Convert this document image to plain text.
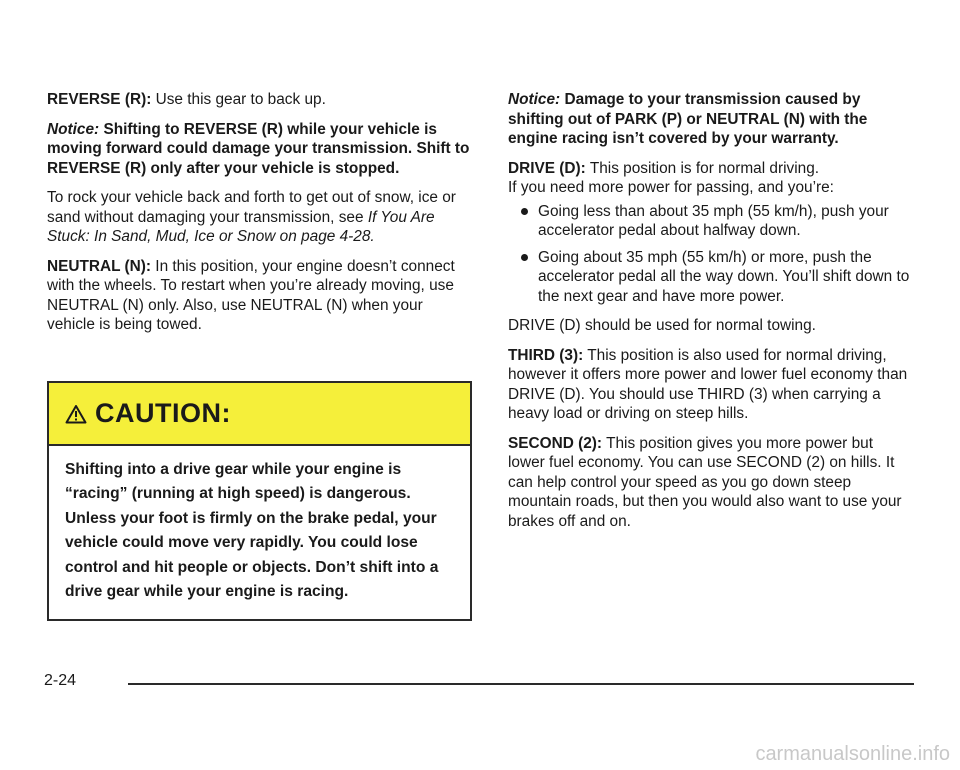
REVERSE (R): Use this gear to back up.

Notice: Shifting to REVERSE (R) while your vehicle is moving forward could damage your transmission. Shift to REVERSE (R) only after your vehicle is stopped.

To rock your vehicle back and forth to get out of snow, ice or sand without damaging your transmission, see If You Are Stuck: In Sand, Mud, Ice or Snow on page 4-28.

NEUTRAL (N): In this position, your engine doesn’t connect with the wheels. To restart when you’re already moving, use NEUTRAL (N) only. Also, use NEUTRAL (N) when your vehicle is being towed.

CAUTION:
Shifting into a drive gear while your engine is “racing” (running at high speed) is dangerous. Unless your foot is firmly on the brake pedal, your vehicle could move very rapidly. You could lose control and hit people or objects. Don’t shift into a drive gear while your engine is racing.

Notice: Damage to your transmission caused by shifting out of PARK (P) or NEUTRAL (N) with the engine racing isn’t covered by your warranty.

DRIVE (D): This position is for normal driving.
If you need more power for passing, and you’re:

Going less than about 35 mph (55 km/h), push your accelerator pedal about halfway down.
Going about 35 mph (55 km/h) or more, push the accelerator pedal all the way down. You’ll shift down to the next gear and have more power.

DRIVE (D) should be used for normal towing.

THIRD (3): This position is also used for normal driving, however it offers more power and lower fuel economy than DRIVE (D). You should use THIRD (3) when carrying a heavy load or driving on steep hills.

SECOND (2): This position gives you more power but lower fuel economy. You can use SECOND (2) on hills. It can help control your speed as you go down steep mountain roads, but then you would also want to use your brakes off and on.

2-24
carmanualsonline.info
